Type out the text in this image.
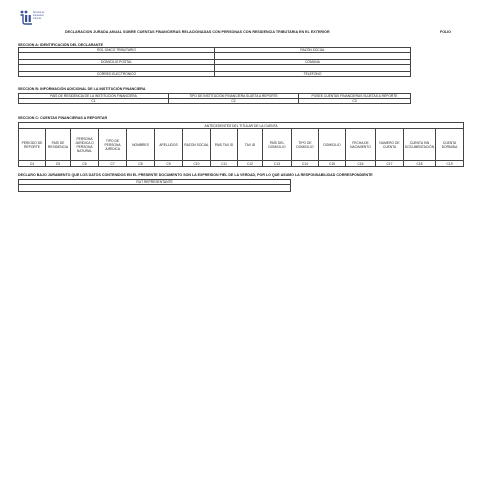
Servicio de
Impuestos
Internos
DECLARACION JURADA ANUAL SOBRE CUENTAS FINANCIERAS RELACIONADAS CON PERSONAS CON RESIDENCIA TRIBUTARIA EN EL EXTERIOR	FOLIO
SECCION A: IDENTIFICACIÓN DEL DECLARANTE
ROL ÚNICO TRIBUTARIO	RAZÓN SOCIAL

DOMICILIO POSTAL	COMUNA

CORREO ELECTRÓNICO	TELEFONO
SECCION B: INFORMACIÓN ADICIONAL DE LA INSTITUCIÓN FINANCIERA
PAÍS DE RESIDENCIA DE LA INSTITUCIÓN FINANCIERA	TIPO DE INSTITUCIÓN FINANCIERA SUJETA A REPORTE	POSEE CUENTAS FINANCIERAS SUJETAS A REPORTE
C1	C2	C3
SECCION C: CUENTAS FINANCIERAS A REPORTAR
ANTECEDENTES DEL TITULAR DE LA CUENTA															
PERIODO DE REPORTE	PAÍS DE RESIDENCIA	PERSONA JURÍDICA O PERSONA NATURAL	TIPO DE PERSONA JURÍDICA	NOMBRES	APELLIDOS	RAZON SOCIAL	PAIS TAX ID	TAX ID	PAÍS DEL DOMICILIO	TIPO DE DOMICILIO	DOMICILIO	FECHA DE NACIMIENTO	NUMERO DE CUENTA	CUENTA SIN DOCUMENTACIÓN	CUENTA DORMIDA
C4	C5	C6	C7	C8	C9	C10	C11	C12	C13	C14	C15	C16	C17	C18	C19
DECLARO BAJO JURAMENTO QUE LOS DATOS CONTENIDOS EN EL PRESENTE DOCUMENTO SON LA EXPRESION FIEL DE LA VERDAD, POR LO QUE ASUMO LA RESPONSABILIDAD CORRESPONDIENTE
RUT REPRESENTANTE
